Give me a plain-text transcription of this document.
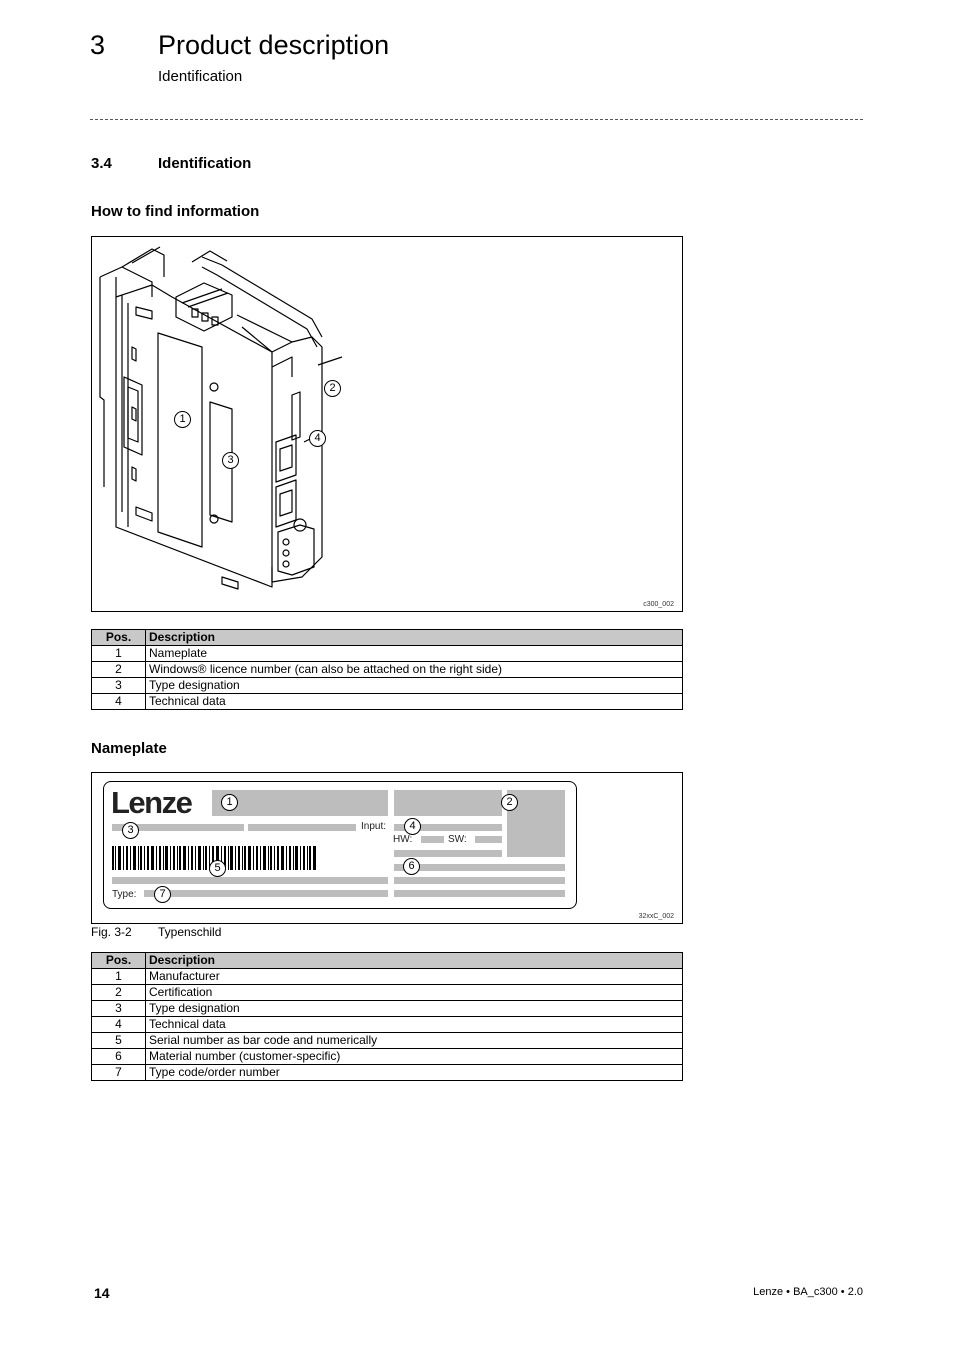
3 Product description
Identification
3.4	Identification
How to find information
1
2
3
4
c300_002
Pos.	Description
1	Nameplate
2	Windows® licence number (can also be attached on the right side)
3	Type designation
4	Technical data
Nameplate
Lenze
Input:
HW:	SW:
Type:
1	2
3	4
5	6
7
32xxC_002
Fig. 3-2 Typenschild
Pos.	Description
1	Manufacturer
2	Certification
3	Type designation
4	Technical data
5	Serial number as bar code and numerically
6	Material number (customer-specific)
7	Type code/order number
14	Lenze • BA_c300 • 2.0
